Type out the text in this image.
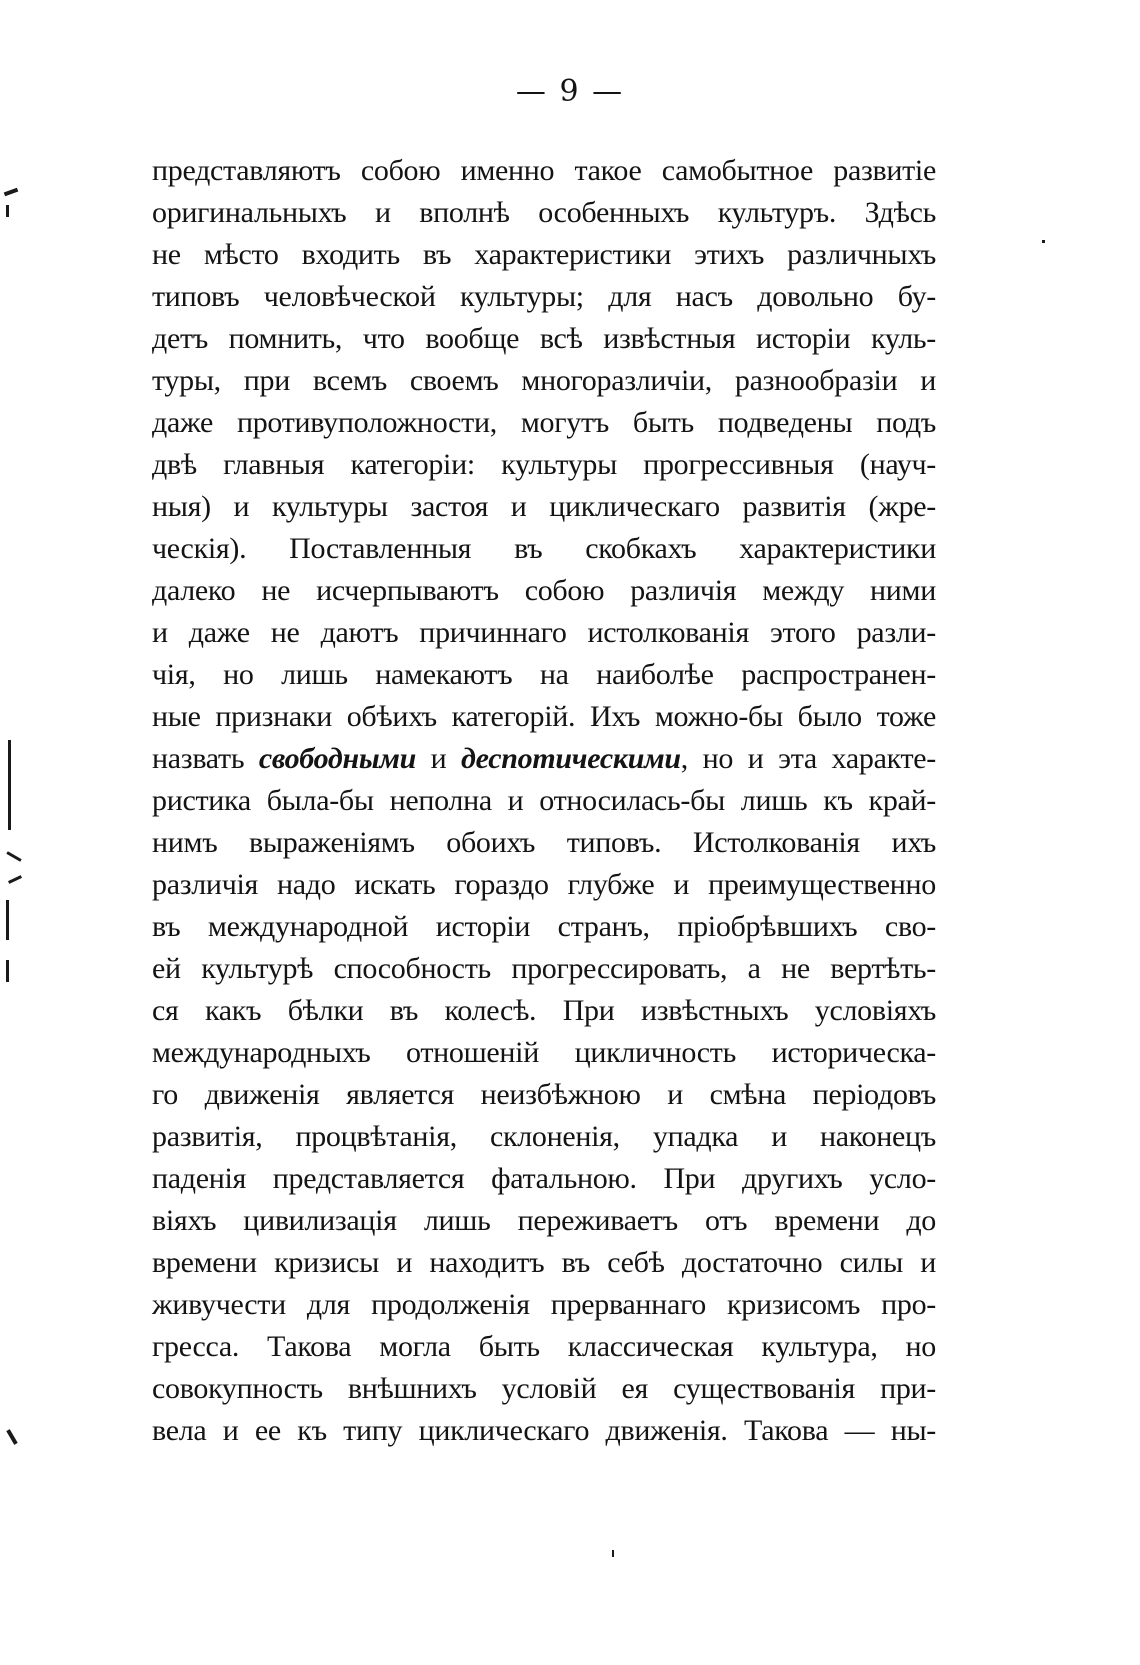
— 9 —
представляютъ собою именно такое самобытное развитіе
оригинальныхъ и вполнѣ особенныхъ культуръ. Здѣсь
не мѣсто входить въ характеристики этихъ различныхъ
типовъ человѣческой культуры; для насъ довольно бу-
детъ помнить, что вообще всѣ извѣстныя исторіи куль-
туры, при всемъ своемъ многоразличіи, разнообразіи и
даже противуположности, могутъ быть подведены подъ
двѣ главныя категоріи: культуры прогрессивныя (науч-
ныя) и культуры застоя и циклическаго развитія (жре-
ческія). Поставленныя въ скобкахъ характеристики
далеко не исчерпываютъ собою различія между ними
и даже не даютъ причиннаго истолкованія этого разли-
чія, но лишь намекаютъ на наиболѣе распространен-
ные признаки обѣихъ категорій. Ихъ можно-бы было тоже
назвать свободными и деспотическими, но и эта характе-
ристика была-бы неполна и относилась-бы лишь къ край-
нимъ выраженіямъ обоихъ типовъ. Истолкованія ихъ
различія надо искать гораздо глубже и преимущественно
въ международной исторіи странъ, пріобрѣвшихъ сво-
ей культурѣ способность прогрессировать, а не вертѣть-
ся какъ бѣлки въ колесѣ. При извѣстныхъ условіяхъ
международныхъ отношеній цикличность историческа-
го движенія является неизбѣжною и смѣна періодовъ
развитія, процвѣтанія, склоненія, упадка и наконецъ
паденія представляется фатальною. При другихъ усло-
віяхъ цивилизація лишь переживаетъ отъ времени до
времени кризисы и находитъ въ себѣ достаточно силы и
живучести для продолженія прерваннаго кризисомъ про-
гресса. Такова могла быть классическая культура, но
совокупность внѣшнихъ условій ея существованія при-
вела и ее къ типу циклическаго движенія. Такова — ны-
